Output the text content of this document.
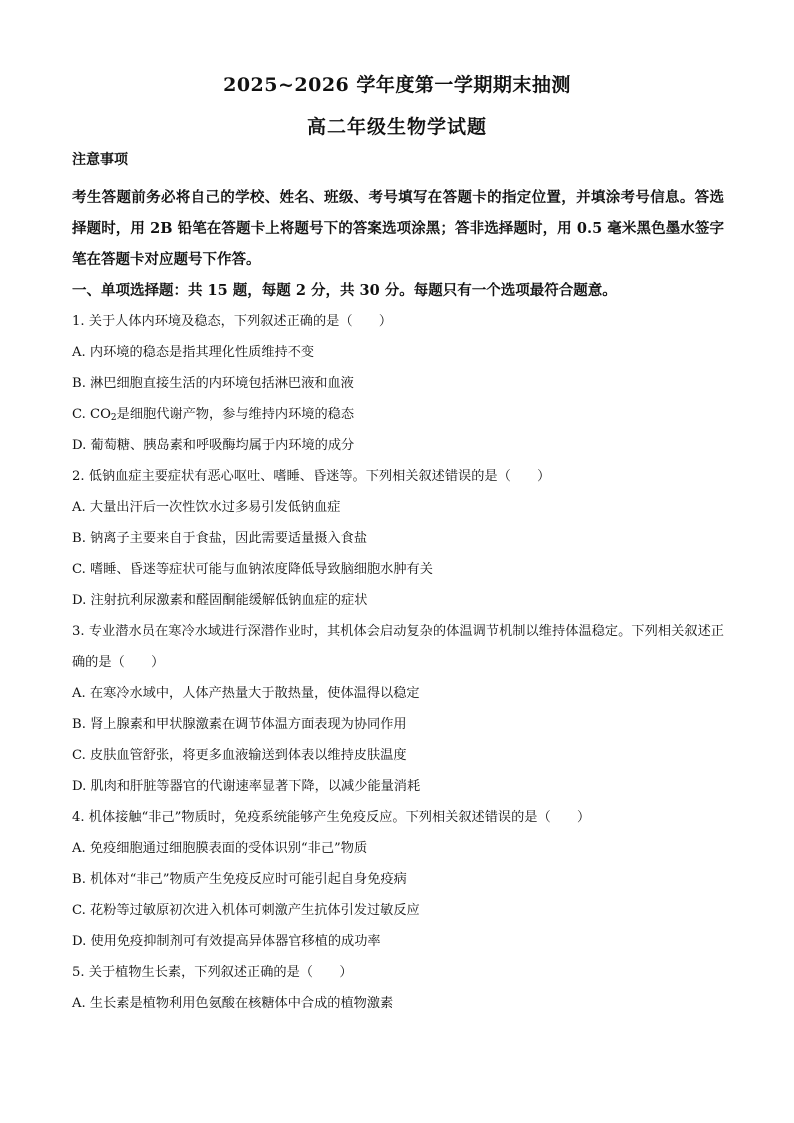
2025~2026 学年度第一学期期末抽测
高二年级生物学试题
注意事项
考生答题前务必将自己的学校、姓名、班级、考号填写在答题卡的指定位置，并填涂考号信息。答选择题时，用 2B 铅笔在答题卡上将题号下的答案选项涂黑；答非选择题时，用 0.5 毫米黑色墨水签字笔在答题卡对应题号下作答。
一、单项选择题：共 15 题，每题 2 分，共 30 分。每题只有一个选项最符合题意。
1. 关于人体内环境及稳态，下列叙述正确的是（　　）
A. 内环境的稳态是指其理化性质维持不变
B. 淋巴细胞直接生活的内环境包括淋巴液和血液
C. $CO_2$是细胞代谢产物，参与维持内环境的稳态
D. 葡萄糖、胰岛素和呼吸酶均属于内环境的成分
2. 低钠血症主要症状有恶心呕吐、嗜睡、昏迷等。下列相关叙述错误的是（　　）
A. 大量出汗后一次性饮水过多易引发低钠血症
B. 钠离子主要来自于食盐，因此需要适量摄入食盐
C. 嗜睡、昏迷等症状可能与血钠浓度降低导致脑细胞水肿有关
D. 注射抗利尿激素和醛固酮能缓解低钠血症的症状
3. 专业潜水员在寒冷水域进行深潜作业时，其机体会启动复杂的体温调节机制以维持体温稳定。下列相关叙述正确的是（　　）
A. 在寒冷水域中，人体产热量大于散热量，使体温得以稳定
B. 肾上腺素和甲状腺激素在调节体温方面表现为协同作用
C. 皮肤血管舒张，将更多血液输送到体表以维持皮肤温度
D. 肌肉和肝脏等器官的代谢速率显著下降，以减少能量消耗
4. 机体接触“非己”物质时，免疫系统能够产生免疫反应。下列相关叙述错误的是（　　）
A. 免疫细胞通过细胞膜表面的受体识别“非己”物质
B. 机体对“非己”物质产生免疫反应时可能引起自身免疫病
C. 花粉等过敏原初次进入机体可刺激产生抗体引发过敏反应
D. 使用免疫抑制剂可有效提高异体器官移植的成功率
5. 关于植物生长素，下列叙述正确的是（　　）
A. 生长素是植物利用色氨酸在核糖体中合成的植物激素
